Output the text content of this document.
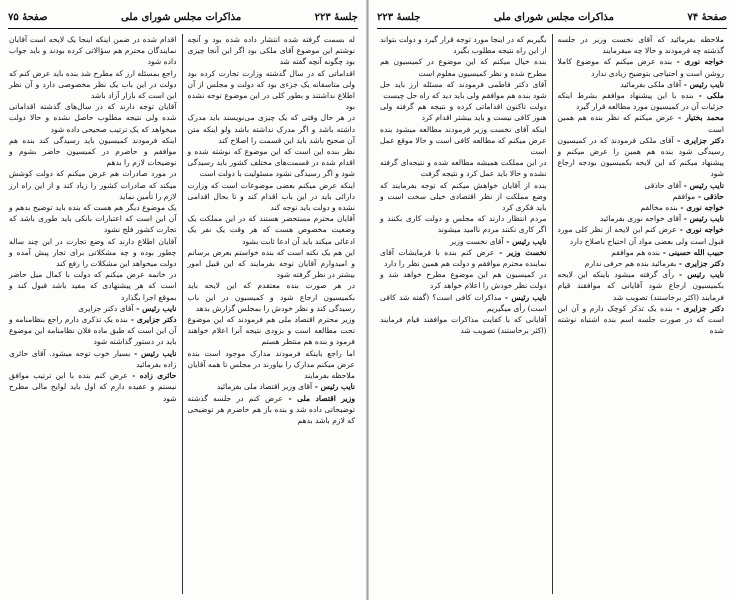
جلسهٔ ۲۲۳
مذاکرات مجلس شورای ملی
صفحهٔ ۷۵

له بسمت گرفته شده انتشار داده شده بود و آنچه نوشتم این موضوع آقای ملکی بود اگر این آنجا چیزی بود چگونه آنچه گفته شد

اقداماتی که در سال گذشته وزارت تجارت کرده بود ولی متاسفانه یک جزءی بود که دولت و مجلس از آن اطلاع نداشتند و بطور کلی در این موضوع توجه نشده بود

در هر حال وقتی که یک چیزی می‌نویسند باید مدرک داشته باشد و اگر مدرک نداشته باشد ولو اینکه متن آن صحیح باشد باید این قسمت را اصلاح کند

نظر بنده این است که این موضوع که نوشته شده و اقدام شده در قسمت‌های مختلف کشور باید رسیدگی شود و اگر رسیدگی نشود مسئولیت با دولت است

اینکه عرض میکنم بعضی موضوعات است که وزارت دارائی باید در این باب اقدام کند و تا بحال اقدامی نشده و دولت باید توجه کند

آقایان محترم مستحضر هستند که در این مملکت یک وضعیت مخصوص هست که هر وقت یک نفر یک ادعائی میکند باید آن ادعا ثابت بشود

این هم یک نکته است که بنده خواستم بعرض برسانم و امیدوارم آقایان توجه بفرمایند که این قبیل امور بیشتر در نظر گرفته شود

در هر صورت بنده معتقدم که این لایحه باید بکمیسیون ارجاع شود و کمیسیون در این باب رسیدگی کند و نظر خودش را بمجلس گزارش بدهد

وزیر محترم اقتصاد ملی هم فرمودند که این موضوع تحت مطالعه است و بزودی نتیجه آنرا اعلام خواهند فرمود و بنده هم منتظر هستم

اما راجع باینکه فرمودند مدارک موجود است بنده عرض میکنم مدارک را بیاورند در مجلس تا همه آقایان ملاحظه بفرمایند

نایب رئیس - آقای وزیر اقتصاد ملی بفرمائید

وزیر اقتصاد ملی - عرض کنم در جلسه گذشته توضیحاتی داده شد و بنده باز هم حاضرم هر توضیحی که لازم باشد بدهم

اقدام شده در ضمن اینکه اینجا یک لایحه است آقایان نمایندگان محترم هم سؤالاتی کرده بودند و باید جواب داده شود

راجع بمسئله ارز که مطرح شد بنده باید عرض کنم که دولت در این باب یک نظر مخصوصی دارد و آن نظر این است که بازار آزاد باشد

آقایان توجه دارند که در سال‌های گذشته اقداماتی شده ولی نتیجه مطلوب حاصل نشده و حالا دولت میخواهد که یک ترتیب صحیحی داده شود

اینکه فرمودند کمیسیون باید رسیدگی کند بنده هم موافقم و حاضرم در کمیسیون حاضر بشوم و توضیحات لازم را بدهم

در مورد صادرات هم عرض میکنم که دولت کوشش میکند که صادرات کشور را زیاد کند و از این راه ارز لازم را تأمین نماید

یک موضوع دیگر هم هست که بنده باید توضیح بدهم و آن این است که اعتبارات بانکی باید طوری باشد که تجارت کشور فلج نشود

آقایان اطلاع دارند که وضع تجارت در این چند ساله چطور بوده و چه مشکلاتی برای تجار پیش آمده و دولت میخواهد این مشکلات را رفع کند

در خاتمه عرض میکنم که دولت با کمال میل حاضر است که هر پیشنهادی که مفید باشد قبول کند و بموقع اجرا بگذارد

نایب رئیس - آقای دکتر جزایری

دکتر جزایری - بنده یک تذکری دارم راجع بنظامنامه و آن این است که طبق ماده فلان نظامنامه این موضوع باید در دستور گذاشته شود

نایب رئیس - بسیار خوب توجه میشود. آقای حائری زاده بفرمائید

حائری زاده - عرض کنم بنده با این ترتیب موافق نیستم و عقیده دارم که اول باید لوایح مالی مطرح شود

صفحهٔ ۷۴
مذاکرات مجلس شورای ملی
جلسهٔ ۲۲۳

ملاحظه بفرمائید که آقای نخست وزیر در جلسه گذشته چه فرمودند و حالا چه میفرمایند

خواجه نوری - بنده عرض میکنم که موضوع کاملا روشن است و احتیاجی بتوضیح زیادی ندارد

نایب رئیس - آقای ملکی بفرمائید

ملکی - بنده با این پیشنهاد موافقم بشرط اینکه جزئیات آن در کمیسیون مورد مطالعه قرار گیرد

محمد بختیار - عرض میکنم که نظر بنده هم همین است

دکتر جزایری - آقای ملکی فرمودند که در کمیسیون رسیدگی شود بنده هم همین را عرض میکنم و پیشنهاد میکنم که این لایحه بکمیسیون بودجه ارجاع شود

نایب رئیس - آقای حاذقی

حاذقی - موافقم

خواجه نوری - بنده مخالفم

نایب رئیس - آقای خواجه نوری بفرمائید

خواجه نوری - عرض کنم این لایحه از نظر کلی مورد قبول است ولی بعضی مواد آن احتیاج باصلاح دارد

حبیب الله حسینی - بنده هم موافقم

دکتر جزایری - بفرمائید بنده هم حرفی ندارم

نایب رئیس - رأی گرفته میشود باینکه این لایحه بکمیسیون ارجاع شود آقایانی که موافقند قیام فرمایند (اکثر برخاستند) تصویب شد

دکتر جزایری - بنده یک تذکر کوچک دارم و آن این است که در صورت جلسه اسم بنده اشتباه نوشته شده

بگیریم که در اینجا مورد توجه قرار گیرد و دولت بتواند از این راه نتیجه مطلوب بگیرد

بنده خیال میکنم که این موضوع در کمیسیون هم مطرح شده و نظر کمیسیون معلوم است

آقای دکتر فاطمی فرمودند که مسئله ارز باید حل شود بنده هم موافقم ولی باید دید که راه حل چیست

دولت تاکنون اقداماتی کرده و نتیجه هم گرفته ولی هنوز کافی نیست و باید بیشتر اقدام کرد

اینکه آقای نخست وزیر فرمودند مطالعه میشود بنده عرض میکنم که مطالعه کافی است و حالا موقع عمل است

در این مملکت همیشه مطالعه شده و نتیجه‌ای گرفته نشده و حالا باید عمل کرد و نتیجه گرفت

بنده از آقایان خواهش میکنم که توجه بفرمایند که وضع مملکت از نظر اقتصادی خیلی سخت است و باید فکری کرد

مردم انتظار دارند که مجلس و دولت کاری بکنند و اگر کاری نکنند مردم ناامید میشوند

نایب رئیس - آقای نخست وزیر

نخست وزیر - عرض کنم بنده با فرمایشات آقای نماینده محترم موافقم و دولت هم همین نظر را دارد

در کمیسیون هم این موضوع مطرح خواهد شد و دولت نظر خودش را اعلام خواهد کرد

نایب رئیس - مذاکرات کافی است؟ (گفته شد کافی است) رأی میگیریم

آقایانی که با کفایت مذاکرات موافقند قیام فرمایند (اکثر برخاستند) تصویب شد
